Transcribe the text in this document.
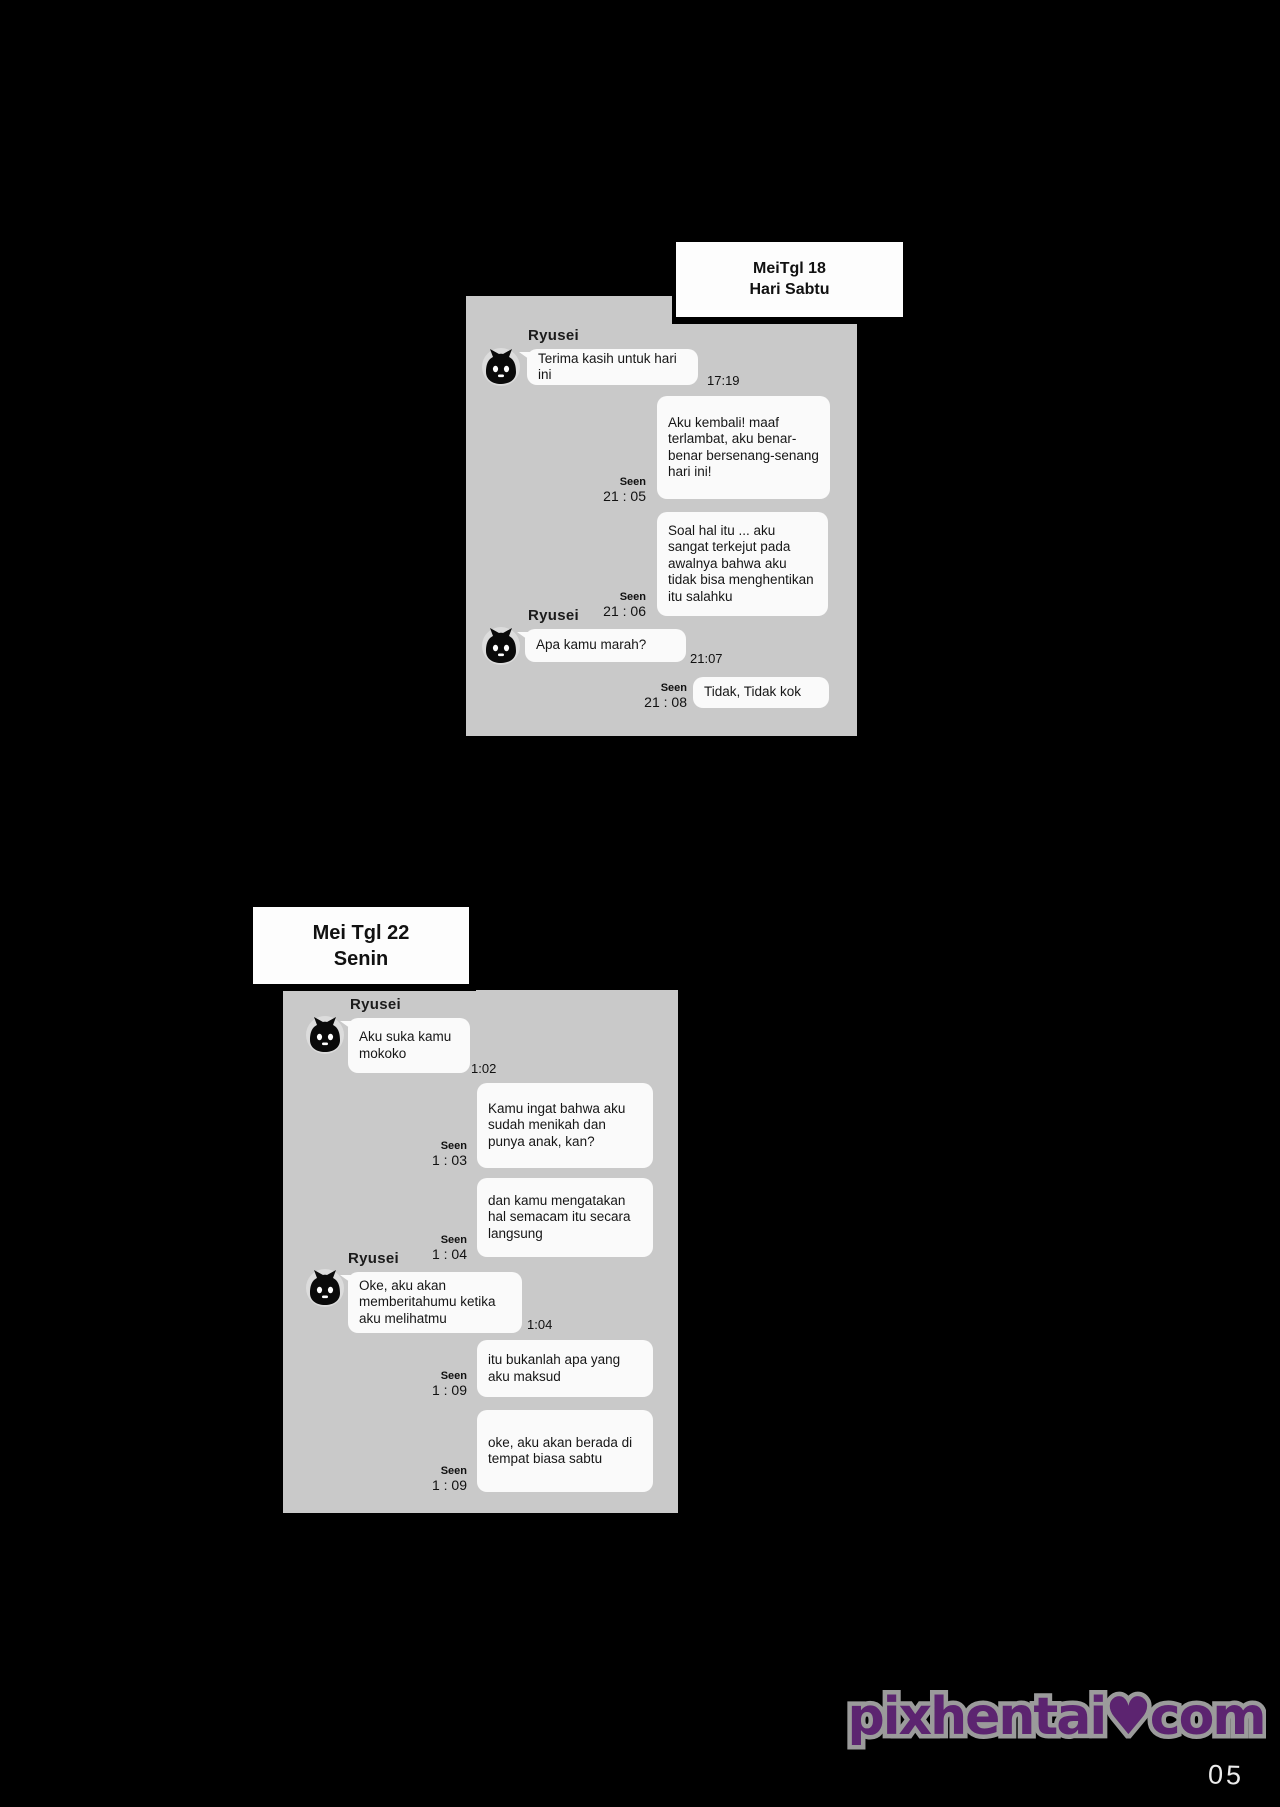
MeiTgl 18
Hari Sabtu
Ryusei
Terima kasih untuk hari ini	17:19
Aku kembali! maaf terlambat, aku benar-benar bersenang-senang hari ini!
Seen
21 : 05
Soal hal itu ... aku sangat terkejut pada awalnya bahwa aku tidak bisa menghentikan itu salahku
Seen
21 : 06
Ryusei
Apa kamu marah?
21:07
Tidak, Tidak kok
Seen
21 : 08
Mei Tgl 22
Senin
Ryusei
Aku suka kamu mokoko
1:02
Kamu ingat bahwa aku sudah menikah dan punya anak, kan?
Seen
1 : 03
dan kamu mengatakan hal semacam itu secara langsung
Seen
1 : 04
Ryusei
Oke, aku akan memberitahumu ketika aku melihatmu	1:04
itu bukanlah apa yang aku maksud
Seen
1 : 09
oke, aku akan berada di tempat biasa sabtu
Seen
1 : 09
pixhentai♥com
05
